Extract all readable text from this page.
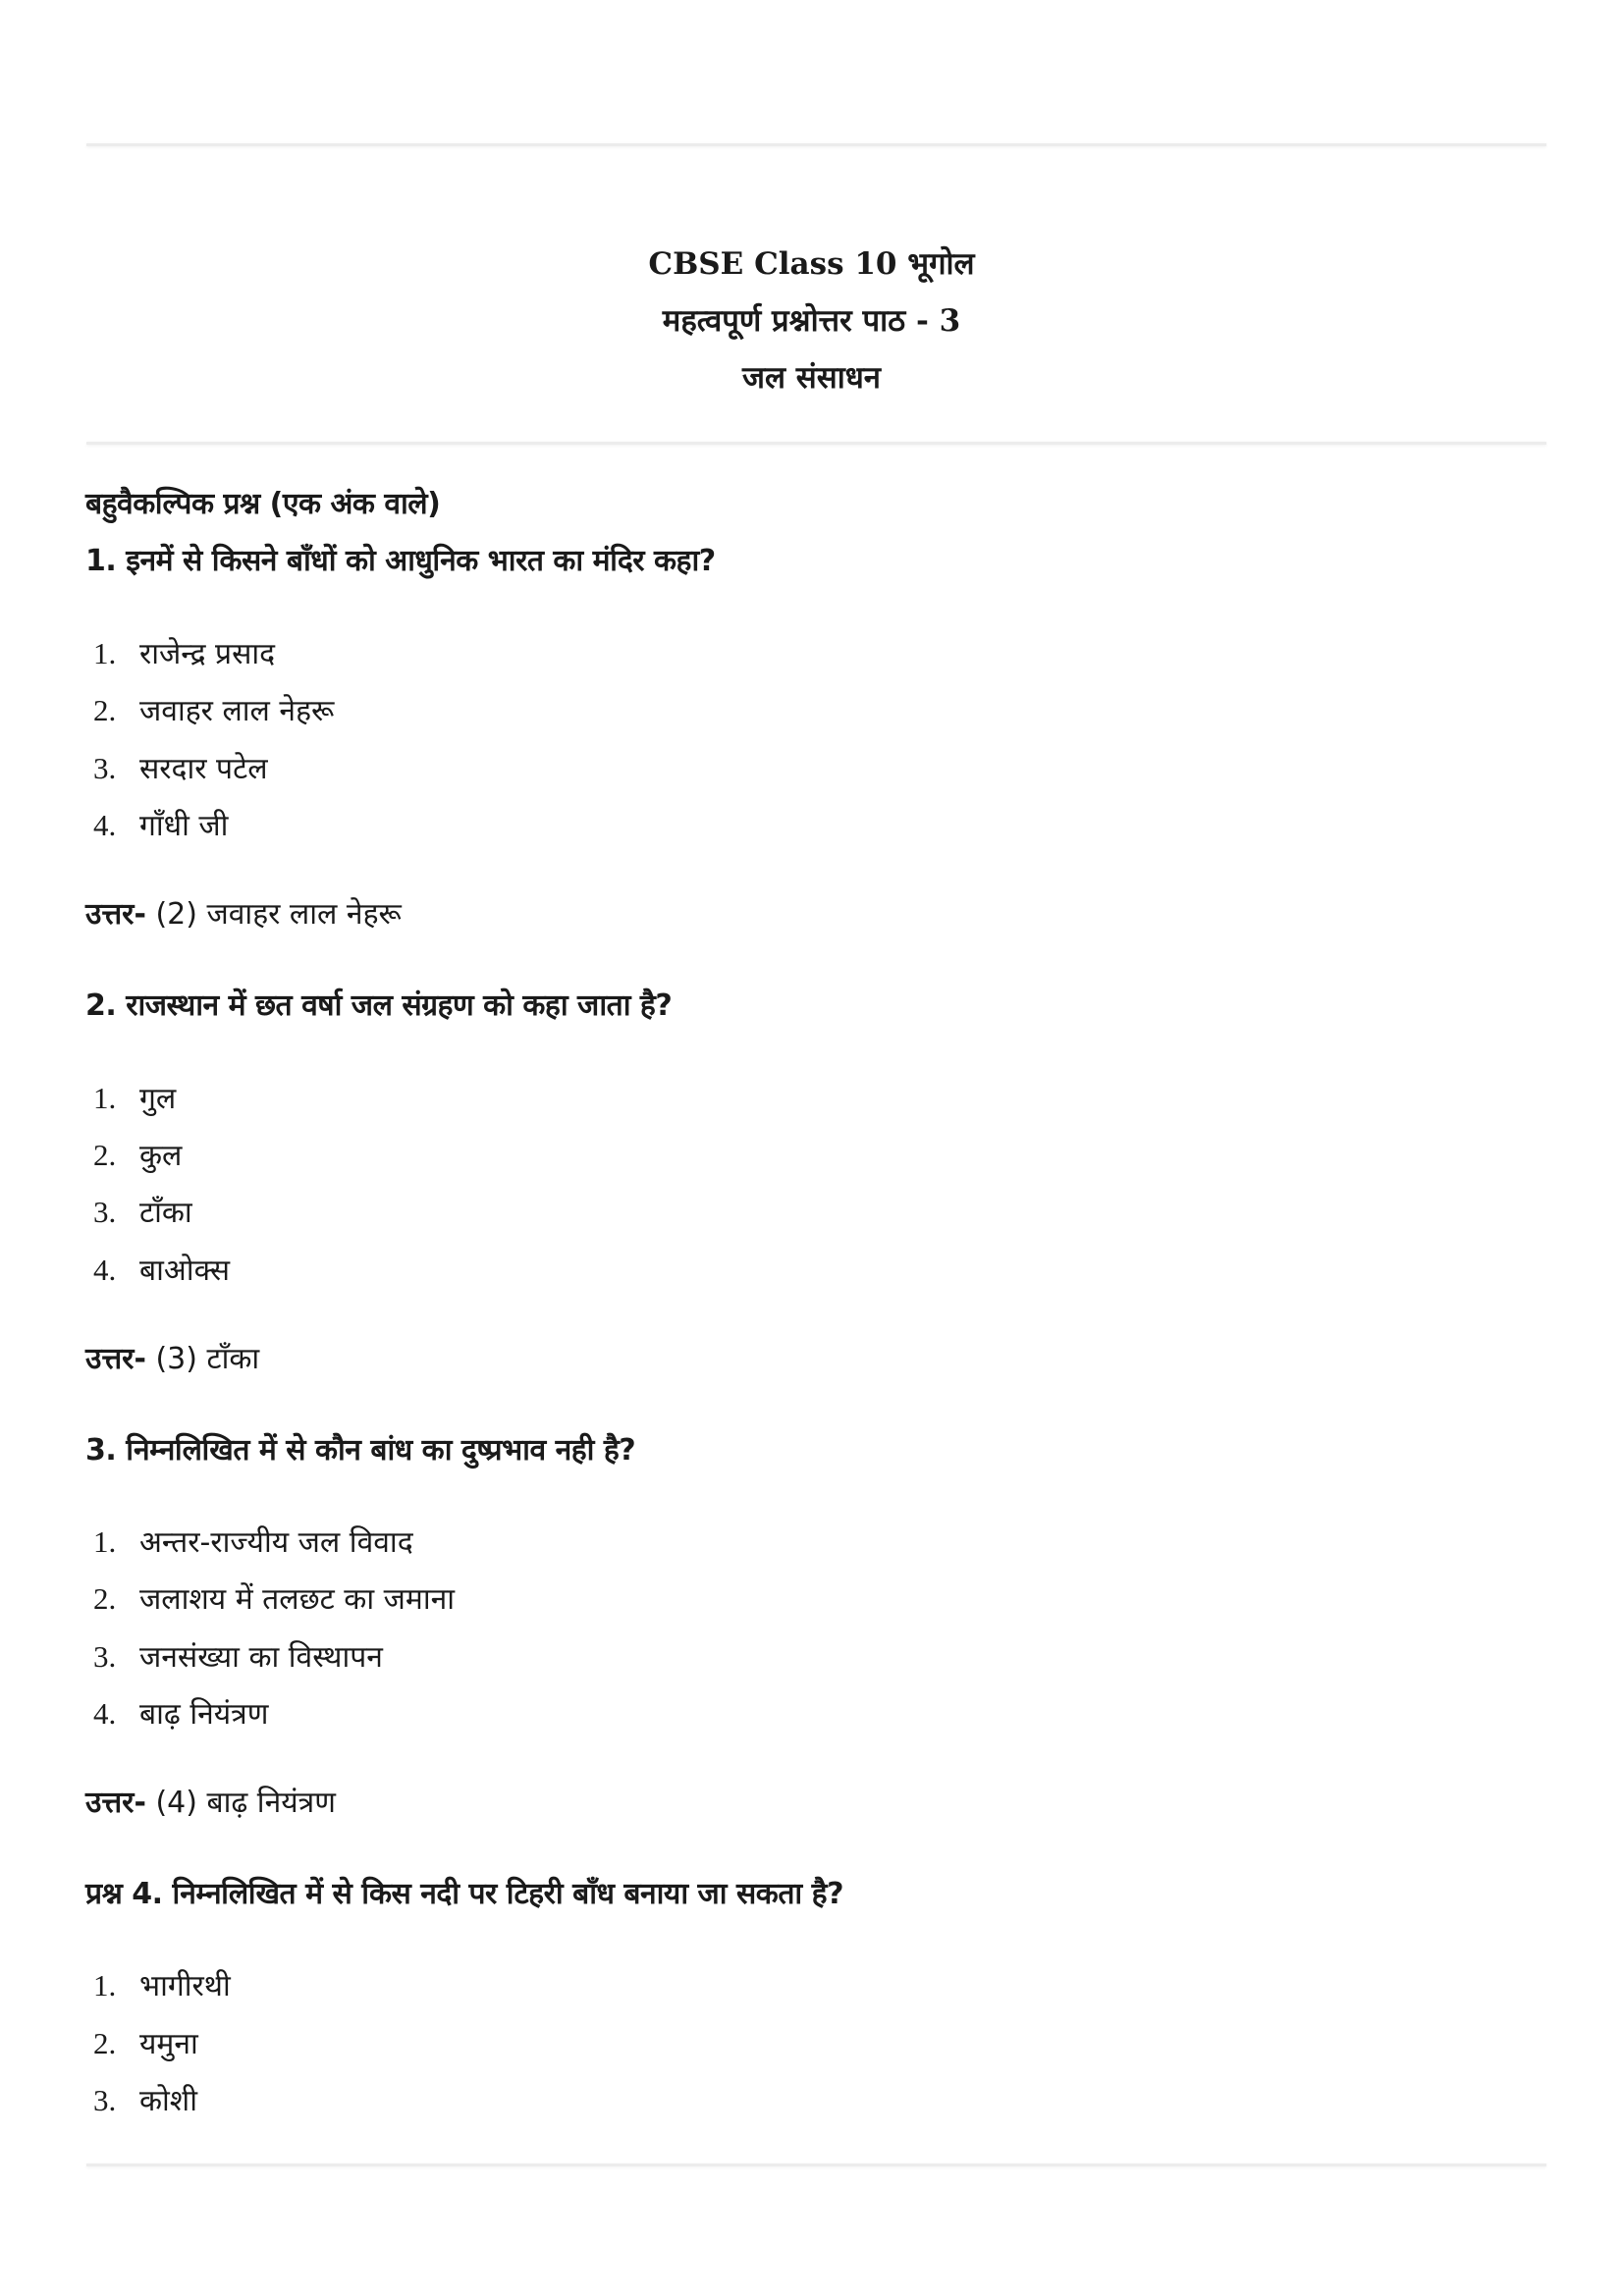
CBSE Class 10 भूगोल
महत्वपूर्ण प्रश्नोत्तर पाठ - 3
जल संसाधन
बहुवैकल्पिक प्रश्न (एक अंक वाले)
1. इनमें से किसने बाँधों को आधुनिक भारत का मंदिर कहा?
1. राजेन्द्र प्रसाद
2. जवाहर लाल नेहरू
3. सरदार पटेल
4. गाँधी जी
उत्तर- (2) जवाहर लाल नेहरू
2. राजस्थान में छत वर्षा जल संग्रहण को कहा जाता है?
1. गुल
2. कुल
3. टाँका
4. बाओक्स
उत्तर- (3) टाँका
3. निम्नलिखित में से कौन बांध का दुष्प्रभाव नही है?
1. अन्तर-राज्यीय जल विवाद
2. जलाशय में तलछट का जमाना
3. जनसंख्या का विस्थापन
4. बाढ़ नियंत्रण
उत्तर- (4) बाढ़ नियंत्रण
प्रश्न 4. निम्नलिखित में से किस नदी पर टिहरी बाँध बनाया जा सकता है?
1. भागीरथी
2. यमुना
3. कोशी
